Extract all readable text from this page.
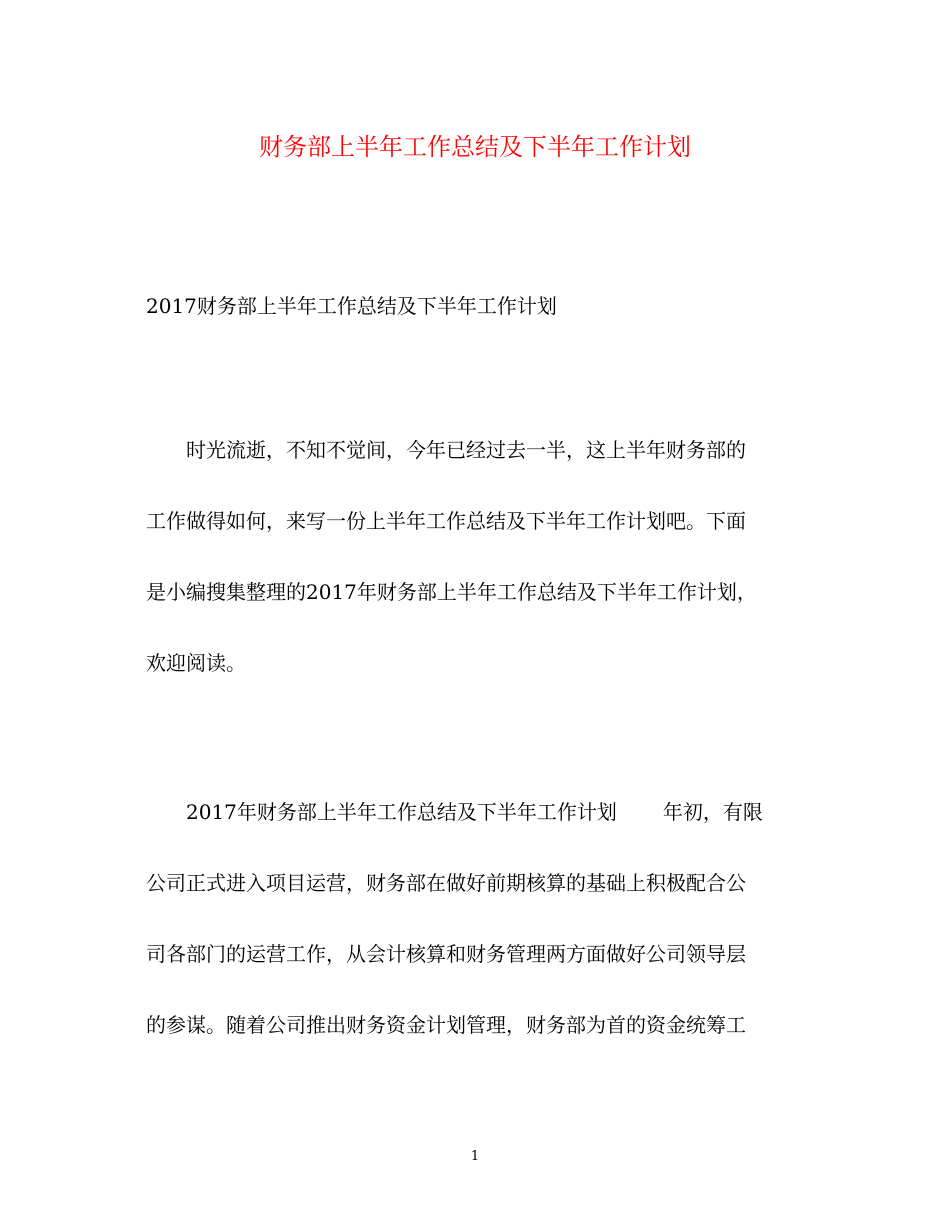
财务部上半年工作总结及下半年工作计划

2017财务部上半年工作总结及下半年工作计划

时光流逝，不知不觉间，今年已经过去一半，这上半年财务部的
工作做得如何，来写一份上半年工作总结及下半年工作计划吧。下面
是小编搜集整理的2017年财务部上半年工作总结及下半年工作计划，
欢迎阅读。
2017年财务部上半年工作总结及下半年工作计划 年初，有限
公司正式进入项目运营，财务部在做好前期核算的基础上积极配合公
司各部门的运营工作，从会计核算和财务管理两方面做好公司领导层
的参谋。随着公司推出财务资金计划管理，财务部为首的资金统筹工

1
